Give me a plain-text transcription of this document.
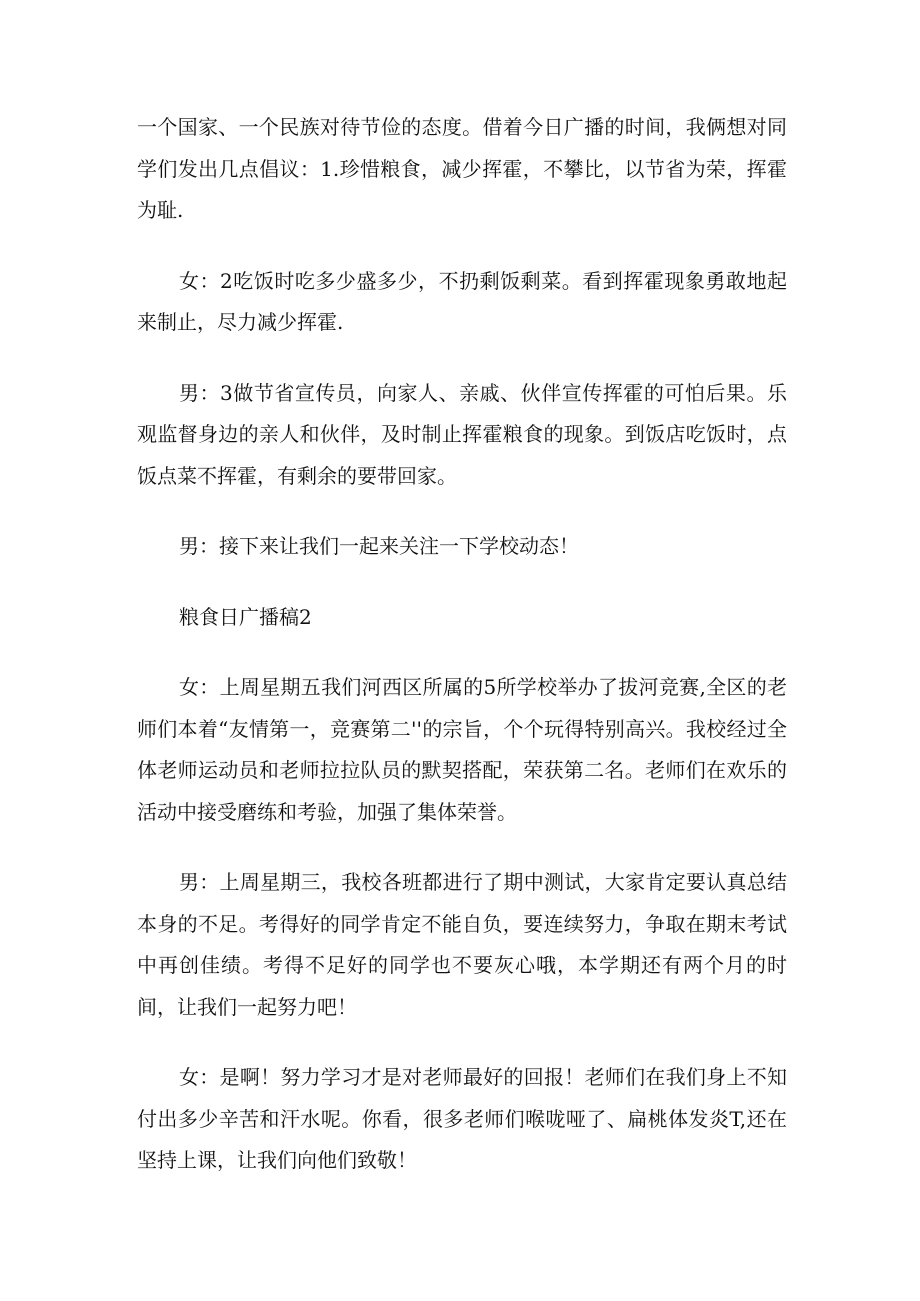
一个国家、一个民族对待节俭的态度。借着今日广播的时间，我俩想对同学们发出几点倡议：1.珍惜粮食，减少挥霍，不攀比，以节省为荣，挥霍为耻.

女：2吃饭时吃多少盛多少，不扔剩饭剩菜。看到挥霍现象勇敢地起来制止，尽力减少挥霍.

男：3做节省宣传员，向家人、亲戚、伙伴宣传挥霍的可怕后果。乐观监督身边的亲人和伙伴，及时制止挥霍粮食的现象。到饭店吃饭时，点饭点菜不挥霍，有剩余的要带回家。

男：接下来让我们一起来关注一下学校动态！

粮食日广播稿2

女：上周星期五我们河西区所属的5所学校举办了拔河竞赛,全区的老师们本着“友情第一，竞赛第二''的宗旨，个个玩得特别高兴。我校经过全体老师运动员和老师拉拉队员的默契搭配，荣获第二名。老师们在欢乐的活动中接受磨练和考验，加强了集体荣誉。

男：上周星期三，我校各班都进行了期中测试，大家肯定要认真总结本身的不足。考得好的同学肯定不能自负，要连续努力，争取在期末考试中再创佳绩。考得不足好的同学也不要灰心哦，本学期还有两个月的时间，让我们一起努力吧！

女：是啊！努力学习才是对老师最好的回报！老师们在我们身上不知付出多少辛苦和汗水呢。你看，很多老师们喉咙哑了、扁桃体发炎T,还在坚持上课，让我们向他们致敬！
